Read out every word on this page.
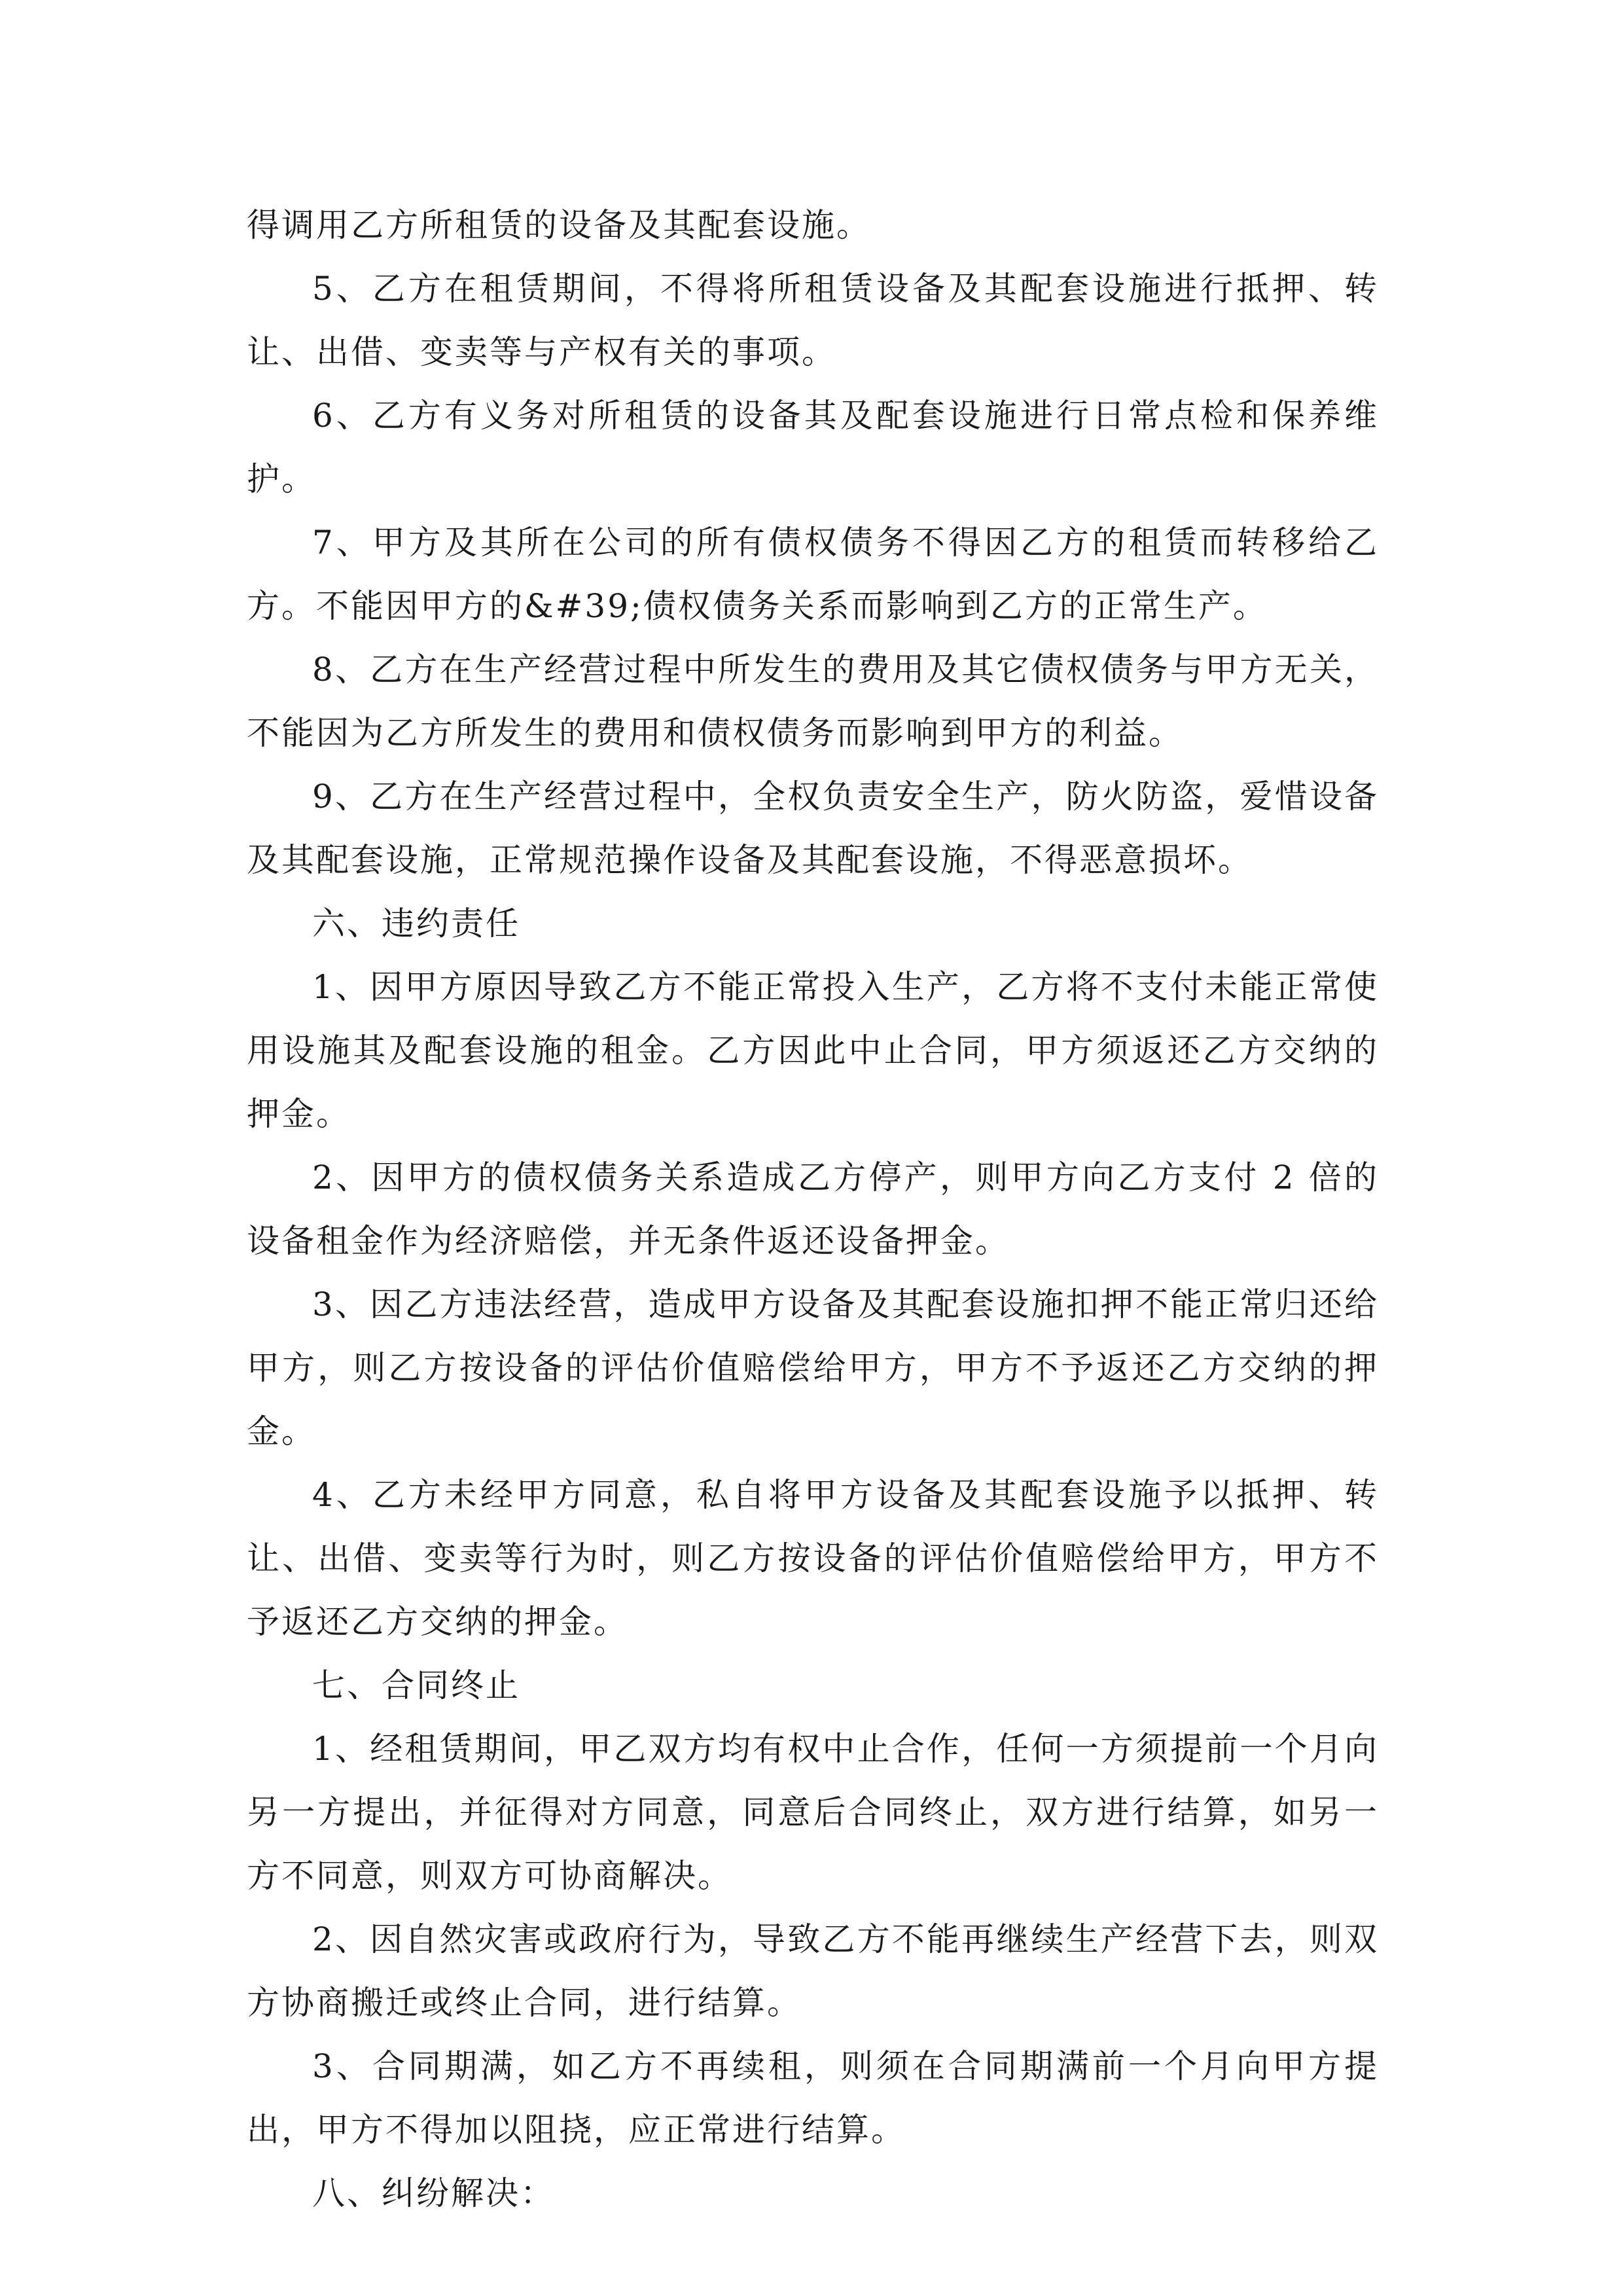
得调用乙方所租赁的设备及其配套设施。

5、乙方在租赁期间，不得将所租赁设备及其配套设施进行抵押、转让、出借、变卖等与产权有关的事项。

6、乙方有义务对所租赁的设备其及配套设施进行日常点检和保养维护。

7、甲方及其所在公司的所有债权债务不得因乙方的租赁而转移给乙方。不能因甲方的&#39;债权债务关系而影响到乙方的正常生产。

8、乙方在生产经营过程中所发生的费用及其它债权债务与甲方无关，不能因为乙方所发生的费用和债权债务而影响到甲方的利益。

9、乙方在生产经营过程中，全权负责安全生产，防火防盗，爱惜设备及其配套设施，正常规范操作设备及其配套设施，不得恶意损坏。

六、违约责任

1、因甲方原因导致乙方不能正常投入生产，乙方将不支付未能正常使用设施其及配套设施的租金。乙方因此中止合同，甲方须返还乙方交纳的押金。

2、因甲方的债权债务关系造成乙方停产，则甲方向乙方支付 2 倍的设备租金作为经济赔偿，并无条件返还设备押金。

3、因乙方违法经营，造成甲方设备及其配套设施扣押不能正常归还给甲方，则乙方按设备的评估价值赔偿给甲方，甲方不予返还乙方交纳的押金。

4、乙方未经甲方同意，私自将甲方设备及其配套设施予以抵押、转让、出借、变卖等行为时，则乙方按设备的评估价值赔偿给甲方，甲方不予返还乙方交纳的押金。

七、合同终止

1、经租赁期间，甲乙双方均有权中止合作，任何一方须提前一个月向另一方提出，并征得对方同意，同意后合同终止，双方进行结算，如另一方不同意，则双方可协商解决。

2、因自然灾害或政府行为，导致乙方不能再继续生产经营下去，则双方协商搬迁或终止合同，进行结算。

3、合同期满，如乙方不再续租，则须在合同期满前一个月向甲方提出，甲方不得加以阻挠，应正常进行结算。

八、纠纷解决：
